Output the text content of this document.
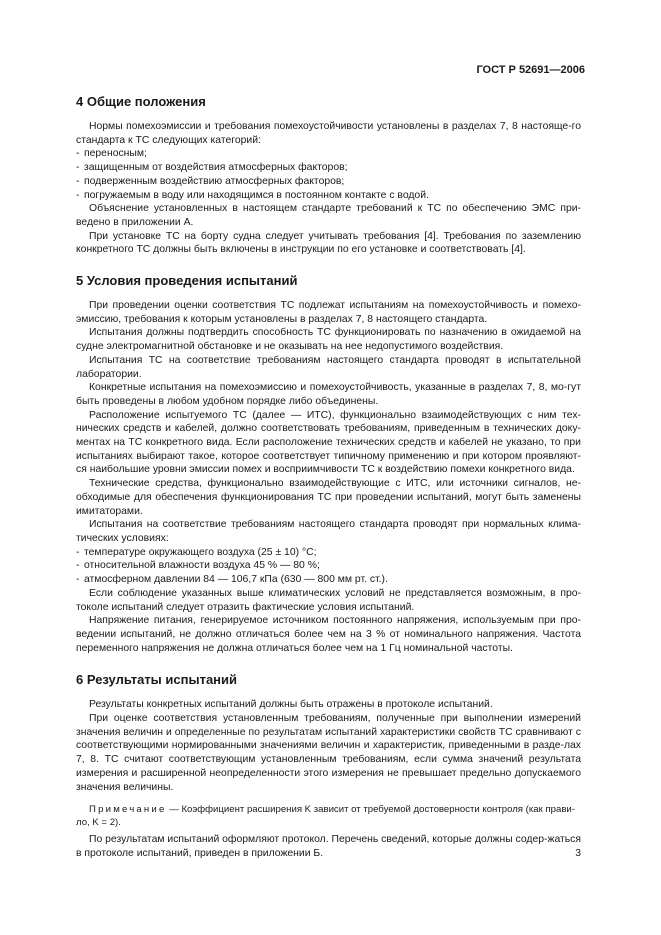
ГОСТ Р 52691—2006
4 Общие положения

Нормы помехоэмиссии и требования помехоустойчивости установлены в разделах 7, 8 настояще-го стандарта к ТС следующих категорий:

- переносным;
- защищенным от воздействия атмосферных факторов;
- подверженным воздействию атмосферных факторов;
- погружаемым в воду или находящимся в постоянном контакте с водой.

Объяснение установленных в настоящем стандарте требований к ТС по обеспечению ЭМС при-ведено в приложении А.

При установке ТС на борту судна следует учитывать требования [4]. Требования по заземлению конкретного ТС должны быть включены в инструкции по его установке и соответствовать [4].

5 Условия проведения испытаний

При проведении оценки соответствия ТС подлежат испытаниям на помехоустойчивость и помехо-эмиссию, требования к которым установлены в разделах 7, 8 настоящего стандарта.

Испытания должны подтвердить способность ТС функционировать по назначению в ожидаемой на судне электромагнитной обстановке и не оказывать на нее недопустимого воздействия.

Испытания ТС на соответствие требованиям настоящего стандарта проводят в испытательной лаборатории.

Конкретные испытания на помехоэмиссию и помехоустойчивость, указанные в разделах 7, 8, мо-гут быть проведены в любом удобном порядке либо объединены.

Расположение испытуемого ТС (далее — ИТС), функционально взаимодействующих с ним тех-нических средств и кабелей, должно соответствовать требованиям, приведенным в технических доку-ментах на ТС конкретного вида. Если расположение технических средств и кабелей не указано, то при испытаниях выбирают такое, которое соответствует типичному применению и при котором проявляют-ся наибольшие уровни эмиссии помех и восприимчивости ТС к воздействию помехи конкретного вида.

Технические средства, функционально взаимодействующие с ИТС, или источники сигналов, не-обходимые для обеспечения функционирования ТС при проведении испытаний, могут быть заменены имитаторами.

Испытания на соответствие требованиям настоящего стандарта проводят при нормальных клима-тических условиях:

- температуре окружающего воздуха (25 ± 10) °С;
- относительной влажности воздуха 45 % — 80 %;
- атмосферном давлении 84 — 106,7 кПа (630 — 800 мм рт. ст.).

Если соблюдение указанных выше климатических условий не представляется возможным, в про-токоле испытаний следует отразить фактические условия испытаний.

Напряжение питания, генерируемое источником постоянного напряжения, используемым при про-ведении испытаний, не должно отличаться более чем на 3 % от номинального напряжения. Частота переменного напряжения не должна отличаться более чем на 1 Гц номинальной частоты.

6 Результаты испытаний

Результаты конкретных испытаний должны быть отражены в протоколе испытаний.

При оценке соответствия установленным требованиям, полученные при выполнении измерений значения величин и определенные по результатам испытаний характеристики свойств ТС сравнивают с соответствующими нормированными значениями величин и характеристик, приведенными в разде-лах 7, 8. ТС считают соответствующим установленным требованиям, если сумма значений результата измерения и расширенной неопределенности этого измерения не превышает предельно допускаемого значения величины.

Примечание — Коэффициент расширения K зависит от требуемой достоверности контроля (как прави-ло, K = 2).

По результатам испытаний оформляют протокол. Перечень сведений, которые должны содер-жаться в протоколе испытаний, приведен в приложении Б.	3
